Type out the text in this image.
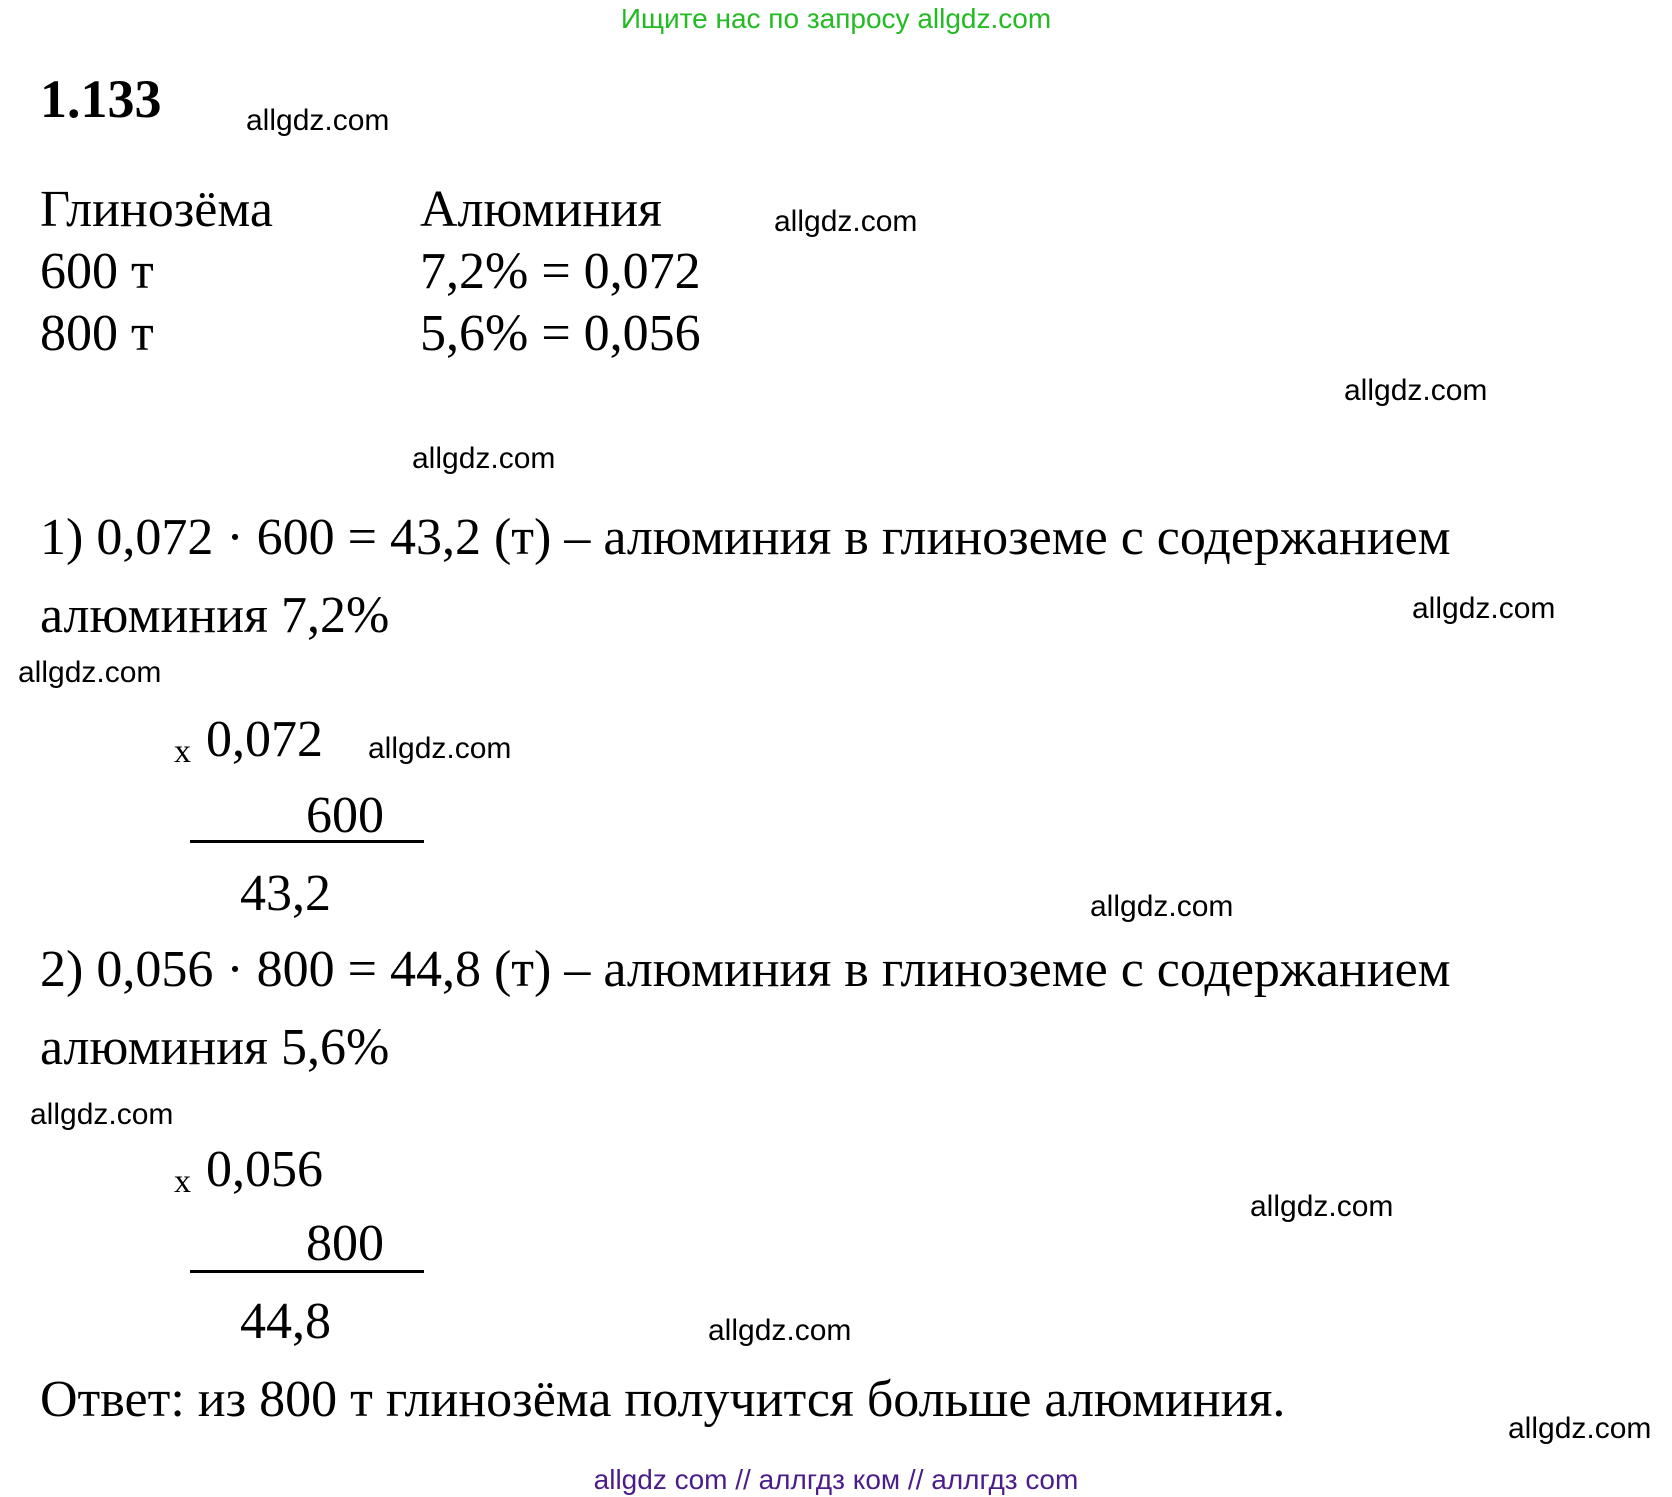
Ищите нас по запросу allgdz.com
1.133
Глинозёма	Алюминия
600 т	7,2% = 0,072
800 т	5,6% = 0,056
1) 0,072 · 600 = 43,2 (т) – алюминия в глиноземе с содержанием
алюминия 7,2%
x 0,072
600
43,2
2) 0,056 · 800 = 44,8 (т) – алюминия в глиноземе с содержанием
алюминия 5,6%
x 0,056
800
44,8
Ответ: из 800 т глинозёма получится больше алюминия.
allgdz.com
allgdz.com
allgdz.com
allgdz.com
allgdz.com
allgdz.com
allgdz.com
allgdz.com
allgdz.com
allgdz.com
allgdz.com
allgdz.com
allgdz com // аллгдз ком // аллгдз com
